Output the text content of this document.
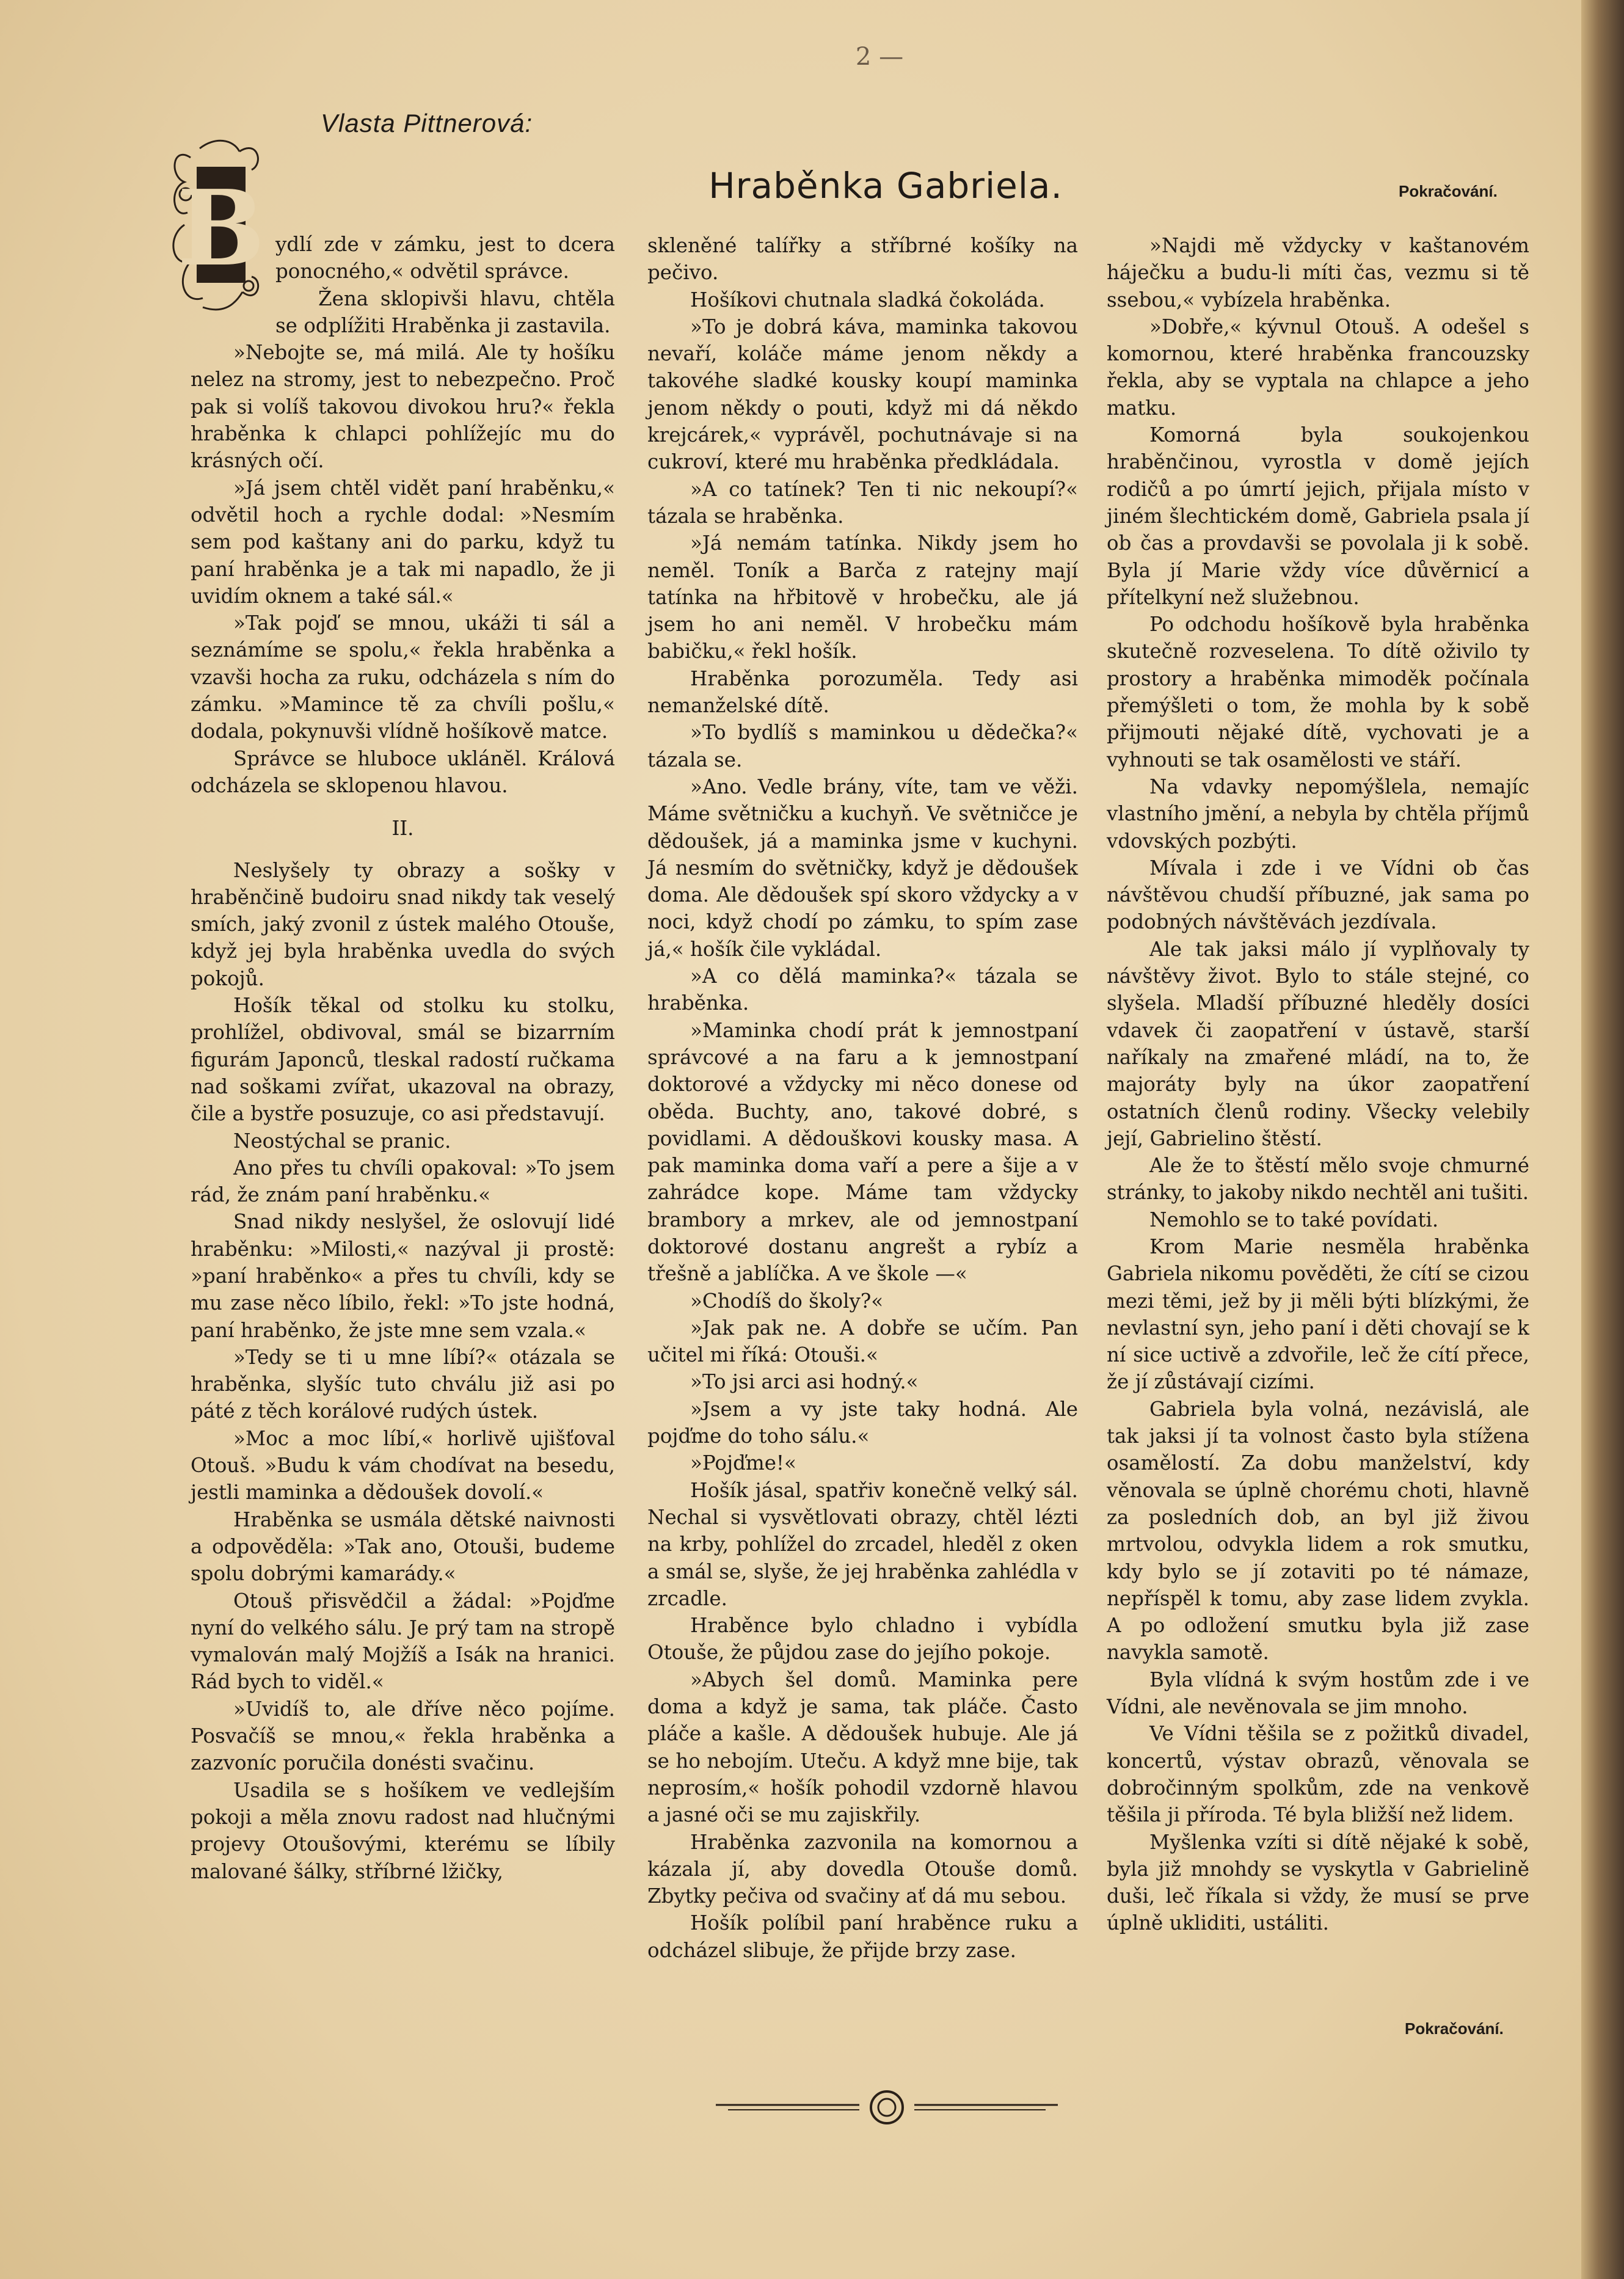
2 —
Vlasta Pittnerová:
Hraběnka Gabriela.	Pokračování.
B ydlí zde v zámku, jest to dcera ponocného,« odvětil správce.

Žena sklopivši hlavu, chtěla se odplížiti Hraběnka ji zastavila.

»Nebojte se, má milá. Ale ty hošíku nelez na stromy, jest to nebezpečno. Proč pak si volíš takovou divokou hru?« řekla hraběnka k chlapci pohlížejíc mu do krásných očí.

»Já jsem chtěl vidět paní hraběnku,« odvětil hoch a rychle dodal: »Nesmím sem pod kaštany ani do parku, když tu paní hraběnka je a tak mi napadlo, že ji uvidím oknem a také sál.«

»Tak pojď se mnou, ukáži ti sál a seznámíme se spolu,« řekla hraběnka a vzavši hocha za ruku, odcházela s ním do zámku. »Mamince tě za chvíli pošlu,« dodala, pokynuvši vlídně hošíkově matce.

Správce se hluboce uklánĕl. Králová odcházela se sklopenou hlavou.

II.

Neslyšely ty obrazy a sošky v hraběnčině budoiru snad nikdy tak veselý smích, jaký zvonil z ústek malého Otouše, když jej byla hraběnka uvedla do svých pokojů.

Hošík těkal od stolku ku stolku, prohlížel, obdivoval, smál se bizarrním figurám Japonců, tleskal radostí ručkama nad soškami zvířat, ukazoval na obrazy, čile a bystře posuzuje, co asi představují.

Neostýchal se pranic.

Ano přes tu chvíli opakoval: »To jsem rád, že znám paní hraběnku.«

Snad nikdy neslyšel, že oslovují lidé hraběnku: »Milosti,« nazýval ji prostě: »paní hraběnko« a přes tu chvíli, kdy se mu zase něco líbilo, řekl: »To jste hodná, paní hraběnko, že jste mne sem vzala.«

»Tedy se ti u mne líbí?« otázala se hraběnka, slyšíc tuto chválu již asi po páté z těch korálové rudých ústek.

»Moc a moc líbí,« horlivě ujišťoval Otouš. »Budu k vám chodívat na besedu, jestli maminka a dědoušek dovolí.«

Hraběnka se usmála dětské naivnosti a odpověděla: »Tak ano, Otouši, budeme spolu dobrými kamarády.«

Otouš přisvědčil a žádal: »Pojďme nyní do velkého sálu. Je prý tam na stropě vymalován malý Mojžíš a Isák na hranici. Rád bych to viděl.«

»Uvidíš to, ale dříve něco pojíme. Posvačíš se mnou,« řekla hraběnka a zazvoníc poručila donésti svačinu.

Usadila se s hošíkem ve vedlejším pokoji a měla znovu radost nad hlučnými projevy Otoušovými, kterému se líbily malované šálky, stříbrné lžičky,

skleněné talířky a stříbrné košíky na pečivo.

Hošíkovi chutnala sladká čokoláda.

»To je dobrá káva, maminka takovou nevaří, koláče máme jenom někdy a takovéhe sladké kousky koupí maminka jenom někdy o pouti, když mi dá někdo krejcárek,« vyprávěl, pochutnávaje si na cukroví, které mu hraběnka předkládala.

»A co tatínek? Ten ti nic nekoupí?« tázala se hraběnka.

»Já nemám tatínka. Nikdy jsem ho neměl. Toník a Barča z ratejny mají tatínka na hřbitově v hrobečku, ale já jsem ho ani neměl. V hrobečku mám babičku,« řekl hošík.

Hraběnka porozuměla. Tedy asi nemanželské dítě.

»To bydlíš s maminkou u dědečka?« tázala se.

»Ano. Vedle brány, víte, tam ve věži. Máme světničku a kuchyň. Ve světničce je dědoušek, já a maminka jsme v kuchyni. Já nesmím do světničky, když je dědoušek doma. Ale dědoušek spí skoro vždycky a v noci, když chodí po zámku, to spím zase já,« hošík čile vykládal.

»A co dělá maminka?« tázala se hraběnka.

»Maminka chodí prát k jemnostpaní správcové a na faru a k jemnostpaní doktorové a vždycky mi něco donese od oběda. Buchty, ano, takové dobré, s povidlami. A dědouškovi kousky masa. A pak maminka doma vaří a pere a šije a v zahrádce kope. Máme tam vždycky brambory a mrkev, ale od jemnostpaní doktorové dostanu angrešt a rybíz a třešně a jablíčka. A ve škole —«

»Chodíš do školy?«

»Jak pak ne. A dobře se učím. Pan učitel mi říká: Otouši.«

»To jsi arci asi hodný.«

»Jsem a vy jste taky hodná. Ale pojďme do toho sálu.«

»Pojďme!«

Hošík jásal, spatřiv konečně velký sál. Nechal si vysvětlovati obrazy, chtěl lézti na krby, pohlížel do zrcadel, hleděl z oken a smál se, slyše, že jej hraběnka zahlédla v zrcadle.

Hraběnce bylo chladno i vybídla Otouše, že půjdou zase do jejího pokoje.

»Abych šel domů. Maminka pere doma a když je sama, tak pláče. Často pláče a kašle. A dědoušek hubuje. Ale já se ho nebojím. Uteču. A když mne bije, tak neprosím,« hošík pohodil vzdorně hlavou a jasné oči se mu zajiskřily.

Hraběnka zazvonila na komornou a kázala jí, aby dovedla Otouše domů. Zbytky pečiva od svačiny ať dá mu sebou.

Hošík políbil paní hraběnce ruku a odcházel slibuje, že přijde brzy zase.

»Najdi mě vždycky v kaštanovém háječku a budu-li míti čas, vezmu si tě ssebou,« vybízela hraběnka.

»Dobře,« kývnul Otouš. A odešel s komornou, které hraběnka francouzsky řekla, aby se vyptala na chlapce a jeho matku.

Komorná byla soukojenkou hraběnčinou, vyrostla v domě jejích rodičů a po úmrtí jejich, přijala místo v jiném šlechtickém domě, Gabriela psala jí ob čas a provdavši se povolala ji k sobě. Byla jí Marie vždy více důvěrnicí a přítelkyní než služebnou.

Po odchodu hošíkově byla hraběnka skutečně rozveselena. To dítě oživilo ty prostory a hraběnka mimoděk počínala přemýšleti o tom, že mohla by k sobě přijmouti nějaké dítě, vychovati je a vyhnouti se tak osamělosti ve stáří.

Na vdavky nepomýšlela, nemajíc vlastního jmění, a nebyla by chtěla příjmů vdovských pozbýti.

Mívala i zde i ve Vídni ob čas návštěvou chudší příbuzné, jak sama po podobných návštěvách jezdívala.

Ale tak jaksi málo jí vyplňovaly ty návštěvy život. Bylo to stále stejné, co slyšela. Mladší příbuzné hleděly dosíci vdavek či zaopatření v ústavě, starší naříkaly na zmařené mládí, na to, že majoráty byly na úkor zaopatření ostatních členů rodiny. Všecky velebily její, Gabrielino štěstí.

Ale že to štěstí mělo svoje chmurné stránky, to jakoby nikdo nechtěl ani tušiti.

Nemohlo se to také povídati.

Krom Marie nesměla hraběnka Gabriela nikomu pověděti, že cítí se cizou mezi těmi, jež by ji měli býti blízkými, že nevlastní syn, jeho paní i děti chovají se k ní sice uctivě a zdvořile, leč že cítí přece, že jí zůstávají cizími.

Gabriela byla volná, nezávislá, ale tak jaksi jí ta volnost často byla stížena osamělostí. Za dobu manželství, kdy věnovala se úplně chorému choti, hlavně za posledních dob, an byl již živou mrtvolou, odvykla lidem a rok smutku, kdy bylo se jí zotaviti po té námaze, nepříspěl k tomu, aby zase lidem zvykla. A po odložení smutku byla již zase navykla samotě.

Byla vlídná k svým hostům zde i ve Vídni, ale nevěnovala se jim mnoho.

Ve Vídni těšila se z požitků divadel, koncertů, výstav obrazů, věnovala se dobročinným spolkům, zde na venkově těšila ji příroda. Té byla bližší než lidem.

Myšlenka vzíti si dítě nějaké k sobě, byla již mnohdy se vyskytla v Gabrielině duši, leč říkala si vždy, že musí se prve úplně ukliditi, ustáliti.

Pokračování.
